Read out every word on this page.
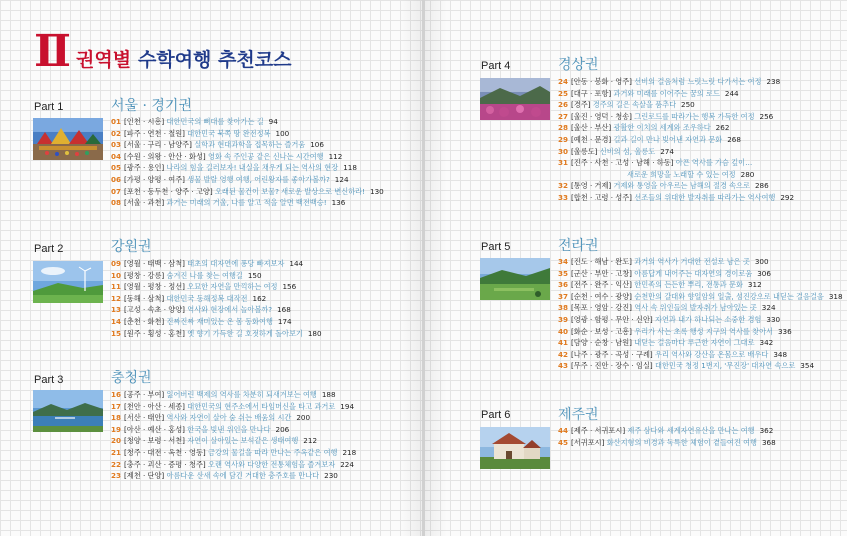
Ⅱ 권역별 수학여행 추천코스
Part 1	서울 · 경기권
01 [인천 · 시흥] 대한민국의 뼈대를 찾아가는 길 94
02 [파주 · 연천 · 철원] 대한민국 북쪽 땅 완전정복 100
03 [서울 · 구리 · 남양주] 실학과 현대과학을 접목하는 즐거움 106
04 [수원 · 의왕 · 안산 · 화성] 영화 속 주인공 같은 신나는 시간여행 112
05 [광주 · 용인] 나라의 힘을 길러보자! 내실을 채우게 되는 역사의 현장 118
06 [가평 · 양평 · 여주] 생물 발랄 영행 여행, 어린왕자를 좋아가볼까? 124
07 [포천 · 동두천 · 양주 · 고양] 오래된 물건이 보물? 새로운 발상으로 변신하라! 130
08 [서울 · 과천] 과거는 미래의 거울, 나를 알고 적을 알면 백전백승! 136
Part 2	강원권
09 [영월 · 태백 · 삼척] 태초의 대자연에 퐁당 빠져보자 144
10 [평창 · 강릉] 숨겨진 나를 찾는 여행길 150
11 [영월 · 평창 · 정선] 오묘한 자연을 만끽하는 여정 156
12 [동해 · 삼척] 대한민국 동해정복 대작전 162
13 [고성 · 속초 · 양양] 역사와 현장에서 놀아볼까? 168
14 [춘천 · 화천] 진짜진짜 재미있는 온 몸 동화여행 174
15 [원주 · 횡성 · 홍천] 옛 향기 가득한 길 호젓하게 돌아보기 180
Part 3	충청권
16 [공주 · 부여] 잃어버린 백제의 역사를 차분히 되새겨보는 여행 188
17 [천안 · 아산 · 세종] 대한민국의 현주소에서 타임머신을 타고 과거로 194
18 [서산 · 태안] 역사와 자연이 살아 숨 쉬는 배움의 시간 200
19 [아산 · 예산 · 홍성] 한국을 빛낸 위인을 만나다 206
20 [청양 · 보령 · 서천] 자연이 살아있는 보석같은 생태여행 212
21 [청주 · 대전 · 옥천 · 영동] 금강의 물길을 따라 만나는 주옥같은 여행 218
22 [충주 · 괴산 · 증평 · 청주] 오랜 역사와 다양한 전통체험을 즐겨보자 224
23 [제천 · 단양] 아름다운 산새 속에 담긴 거대한 충주호를 만나다 230
Part 4	경상권
24 [안동 · 봉화 · 영주] 선비의 걸음처럼 느릿느릿 다가서는 여정 238
25 [대구 · 포항] 과거와 미래를 이어주는 꿈의 로드 244
26 [경주] 경주의 길은 속살을 품추다 250
27 [울진 · 영덕 · 청송] 그린로드를 따라가는 행복 가득한 여정 256
28 [울산 · 부산] 광활한 이치의 세계와 조우하다 262
29 [예천 · 문경] 길과 길이 만나 빚어낸 자연과 문화 268
30 [울릉도] 신비의 섬, 울릉도 274
31 [진주 · 사천 · 고성 · 남해 · 하동] 아픈 역사를 가슴 깊이…
새로운 희망을 노래할 수 있는 여정 280
32 [통영 · 거제] 거제와 통영을 아우르는 남해의 절경 속으로 286
33 [합천 · 고령 · 성주] 선조들의 위대한 발자취를 따라가는 역사여행 292
Part 5	전라권
34 [진도 · 해남 · 완도] 과거의 역사가 거대한 전설로 남은 곳 300
35 [군산 · 부안 · 고창] 아름답게 내어주는 대자연의 경이로움 306
36 [전주 · 완주 · 익산] 한민족의 든든한 뿌리, 전통과 문화 312
37 [순천 · 여수 · 광양] 순천만의 갈대와 향일암의 일출, 섬진강으로 내딛는 걸음걸음 318
38 [목포 · 영암 · 강진] 역사 속 위인들의 발자취가 남아있는 곳 324
39 [영광 · 함평 · 무안 · 신안] 자연과 내가 하나되는 소중한 경험 330
40 [화순 · 보성 · 고흥] 우리가 사는 초록 행성 지구의 역사를 찾아서 336
41 [담양 · 순창 · 남원] 내딛는 걸음마다 푸근한 자연이 그대로 342
42 [나주 · 광주 · 곡성 · 구례] 우리 역사와 강산을 온몸으로 배우다 348
43 [무주 · 진안 · 장수 · 임실] 대한민국 청정 1번지, '무진장' 대자연 속으로 354
Part 6	제주권
44 [제주 · 서귀포시] 제주 삼다와 세계자연유산을 만나는 여행 362
45 [서귀포시] 화산지형의 비경과 독특한 체험이 곁들여진 여행 368
